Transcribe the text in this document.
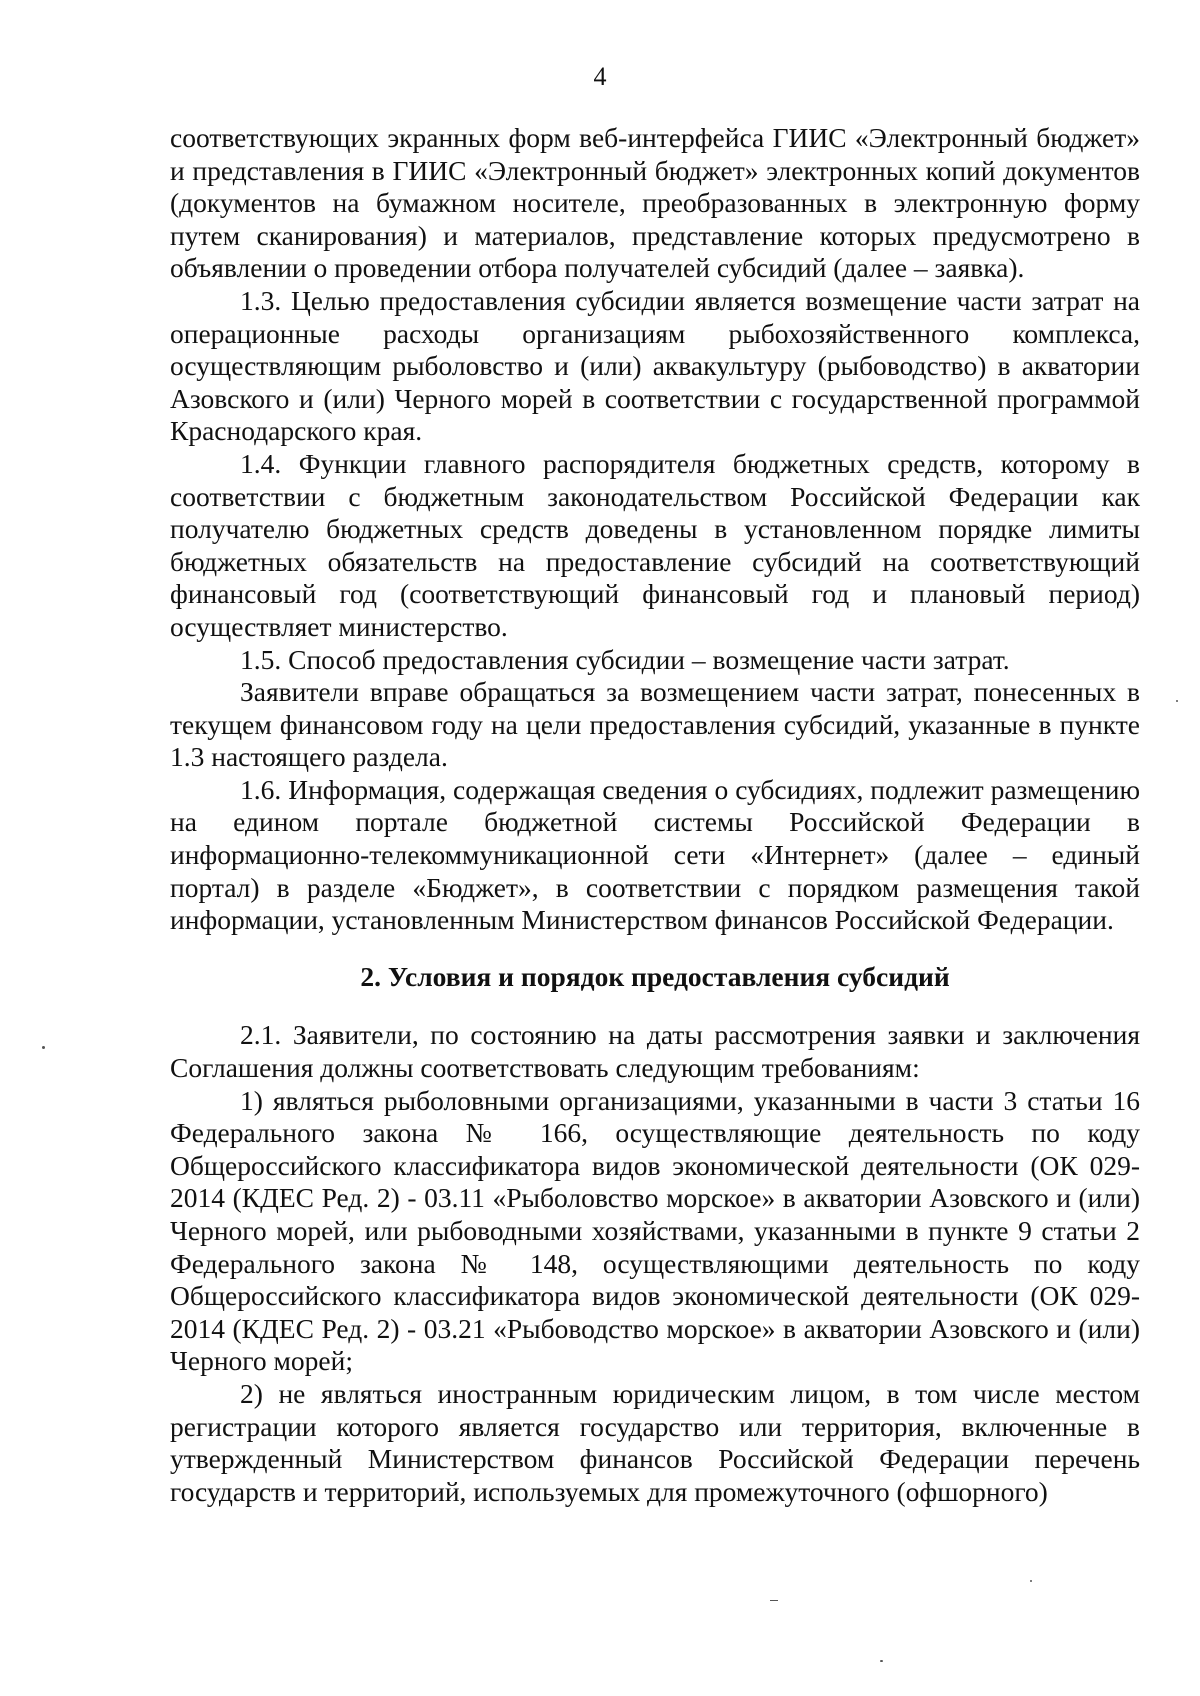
4

соответствующих экранных форм веб-интерфейса ГИИС «Электронный бюджет» и представления в ГИИС «Электронный бюджет» электронных копий документов (документов на бумажном носителе, преобразованных в электронную форму путем сканирования) и материалов, представление которых предусмотрено в объявлении о проведении отбора получателей субсидий (далее – заявка).

1.3. Целью предоставления субсидии является возмещение части затрат на операционные расходы организациям рыбохозяйственного комплекса, осуществляющим рыболовство и (или) аквакультуру (рыбоводство) в акватории Азовского и (или) Черного морей в соответствии с государственной программой Краснодарского края.

1.4. Функции главного распорядителя бюджетных средств, которому в соответствии с бюджетным законодательством Российской Федерации как получателю бюджетных средств доведены в установленном порядке лимиты бюджетных обязательств на предоставление субсидий на соответствующий финансовый год (соответствующий финансовый год и плановый период) осуществляет министерство.

1.5. Способ предоставления субсидии – возмещение части затрат.

Заявители вправе обращаться за возмещением части затрат, понесенных в текущем финансовом году на цели предоставления субсидий, указанные в пункте 1.3 настоящего раздела.

1.6. Информация, содержащая сведения о субсидиях, подлежит размещению на едином портале бюджетной системы Российской Федерации в информационно-телекоммуникационной сети «Интернет» (далее – единый портал) в разделе «Бюджет», в соответствии с порядком размещения такой информации, установленным Министерством финансов Российской Федерации.

2. Условия и порядок предоставления субсидий

2.1. Заявители, по состоянию на даты рассмотрения заявки и заключения Соглашения должны соответствовать следующим требованиям:

1) являться рыболовными организациями, указанными в части 3 статьи 16 Федерального закона № 166, осуществляющие деятельность по коду Общероссийского классификатора видов экономической деятельности (ОК 029-2014 (КДЕС Ред. 2) - 03.11 «Рыболовство морское» в акватории Азовского и (или) Черного морей, или рыбоводными хозяйствами, указанными в пункте 9 статьи 2 Федерального закона № 148, осуществляющими деятельность по коду Общероссийского классификатора видов экономической деятельности (ОК 029-2014 (КДЕС Ред. 2) - 03.21 «Рыбоводство морское» в акватории Азовского и (или) Черного морей;

2) не являться иностранным юридическим лицом, в том числе местом регистрации которого является государство или территория, включенные в утвержденный Министерством финансов Российской Федерации перечень государств и территорий, используемых для промежуточного (офшорного)
